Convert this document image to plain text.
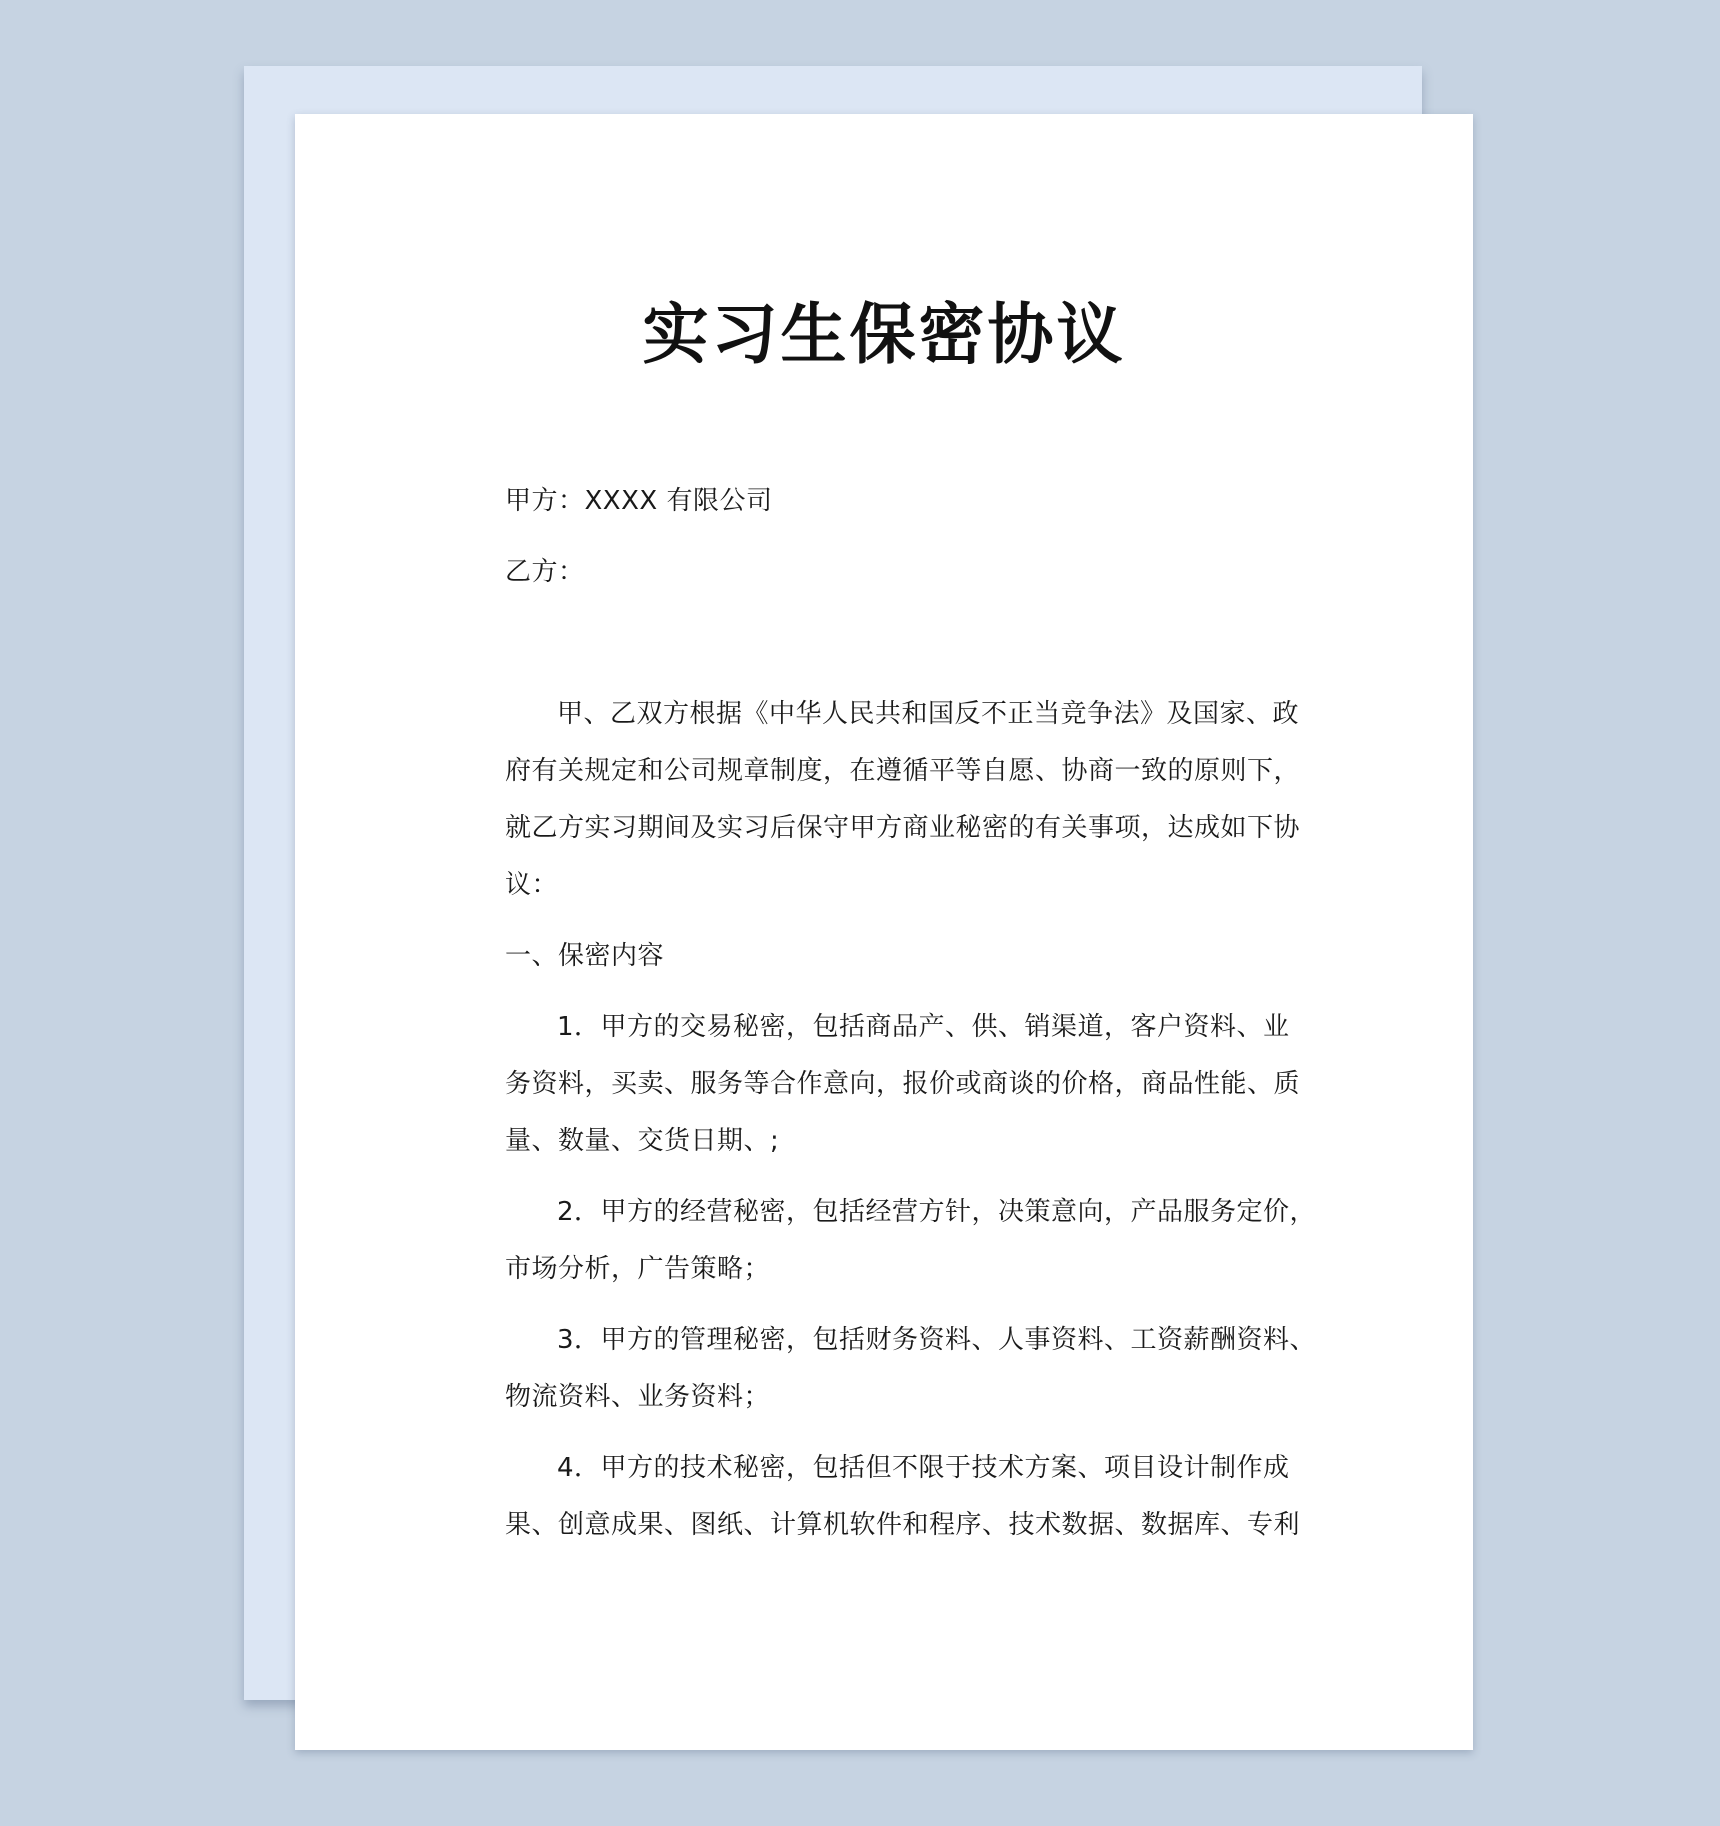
实习生保密协议
甲方：XXXX 有限公司
乙方：
甲、乙双方根据《中华人民共和国反不正当竞争法》及国家、政
府有关规定和公司规章制度，在遵循平等自愿、协商一致的原则下，
就乙方实习期间及实习后保守甲方商业秘密的有关事项，达成如下协
议：
一、保密内容
1．甲方的交易秘密，包括商品产、供、销渠道，客户资料、业
务资料，买卖、服务等合作意向，报价或商谈的价格，商品性能、质
量、数量、交货日期、;
2．甲方的经营秘密，包括经营方针，决策意向，产品服务定价，
市场分析，广告策略；
3．甲方的管理秘密，包括财务资料、人事资料、工资薪酬资料、
物流资料、业务资料；
4．甲方的技术秘密，包括但不限于技术方案、项目设计制作成
果、创意成果、图纸、计算机软件和程序、技术数据、数据库、专利
